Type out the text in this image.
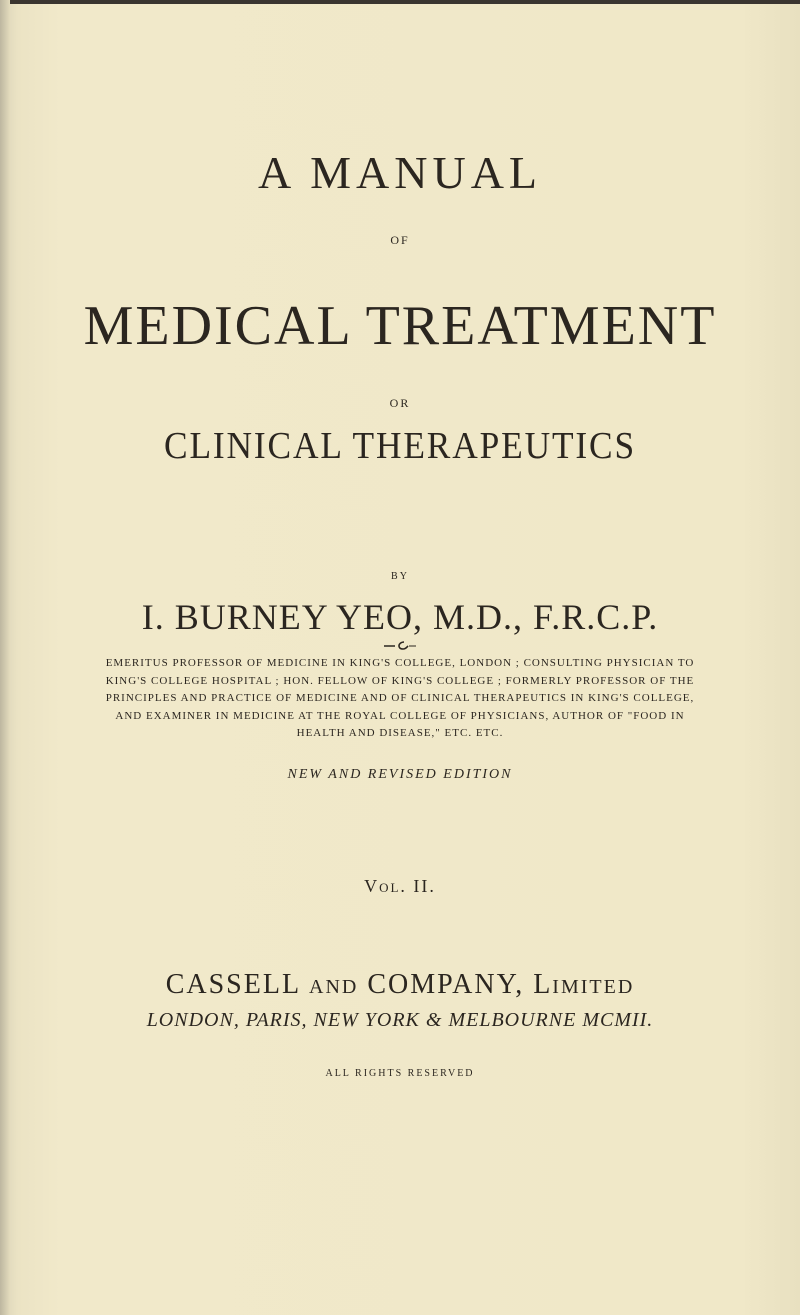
A MANUAL
OF
MEDICAL TREATMENT
OR
CLINICAL THERAPEUTICS
BY
I. BURNEY YEO, M.D., F.R.C.P.
EMERITUS PROFESSOR OF MEDICINE IN KING'S COLLEGE, LONDON ; CONSULTING PHYSICIAN TO KING'S COLLEGE HOSPITAL ; HON. FELLOW OF KING'S COLLEGE ; FORMERLY PROFESSOR OF THE PRINCIPLES AND PRACTICE OF MEDICINE AND OF CLINICAL THERAPEUTICS IN KING'S COLLEGE, AND EXAMINER IN MEDICINE AT THE ROYAL COLLEGE OF PHYSICIANS, AUTHOR OF "FOOD IN HEALTH AND DISEASE," ETC. ETC.
NEW AND REVISED EDITION
Vol. II.
CASSELL and COMPANY, Limited
LONDON, PARIS, NEW YORK & MELBOURNE MCMII.
ALL RIGHTS RESERVED
